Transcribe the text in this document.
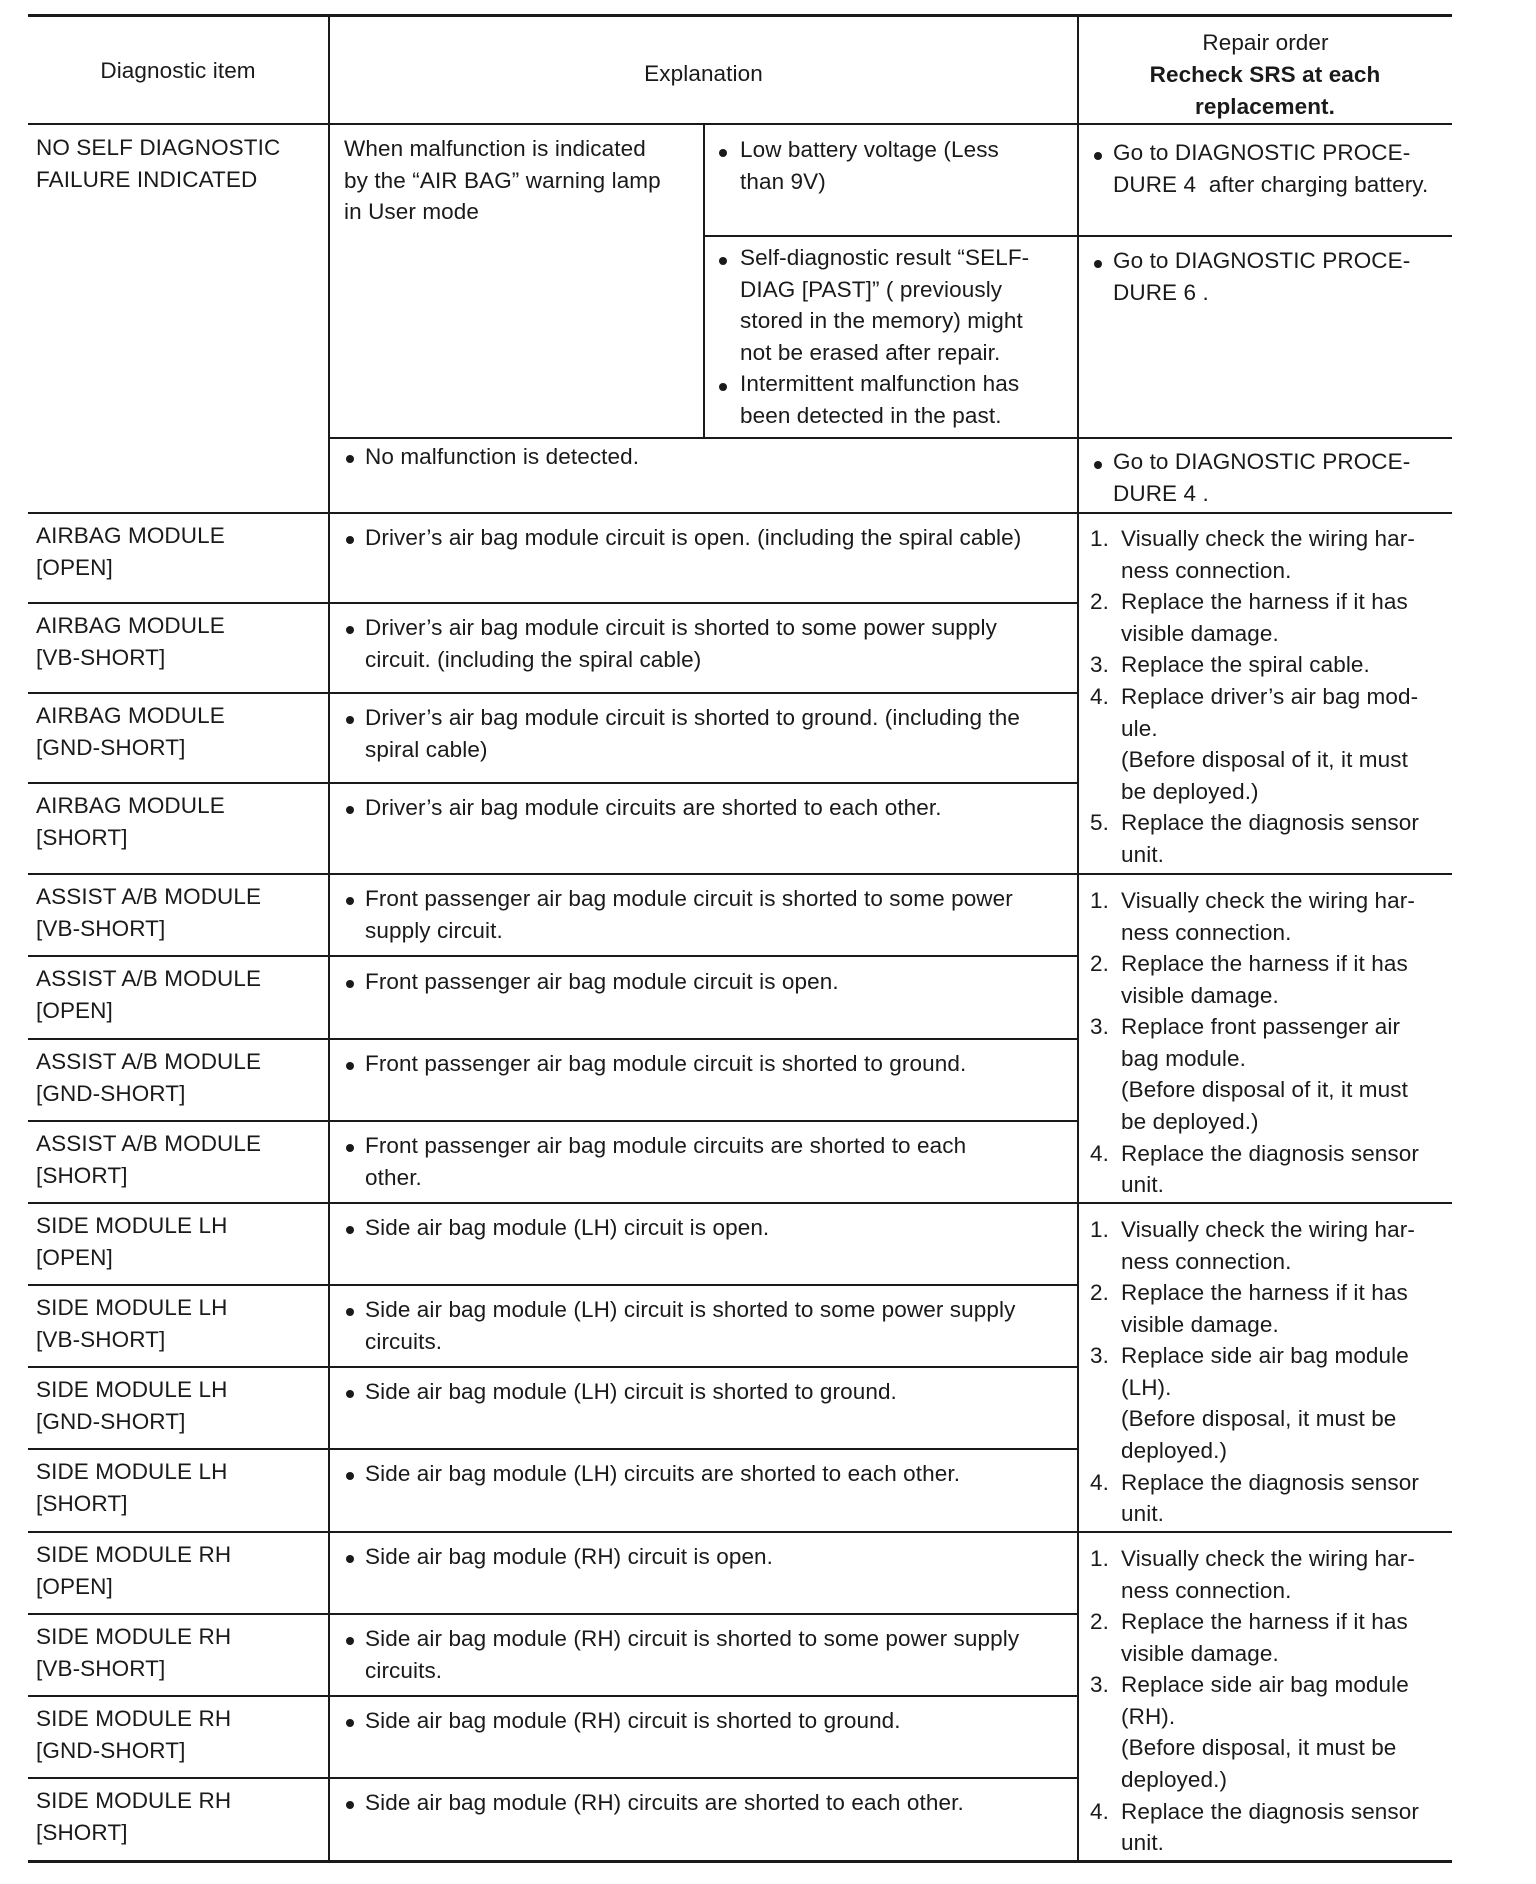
Diagnostic item	Explanation
Repair order
Recheck SRS at each replacement.
NO SELF DIAGNOSTIC
FAILURE INDICATED
AIRBAG MODULE
[OPEN]
AIRBAG MODULE
[VB-SHORT]
AIRBAG MODULE
[GND-SHORT]
AIRBAG MODULE
[SHORT]
ASSIST A/B MODULE
[VB-SHORT]
ASSIST A/B MODULE
[OPEN]
ASSIST A/B MODULE
[GND-SHORT]
ASSIST A/B MODULE
[SHORT]
SIDE MODULE LH
[OPEN]
SIDE MODULE LH
[VB-SHORT]
SIDE MODULE LH
[GND-SHORT]
SIDE MODULE LH
[SHORT]
SIDE MODULE RH
[OPEN]
SIDE MODULE RH
[VB-SHORT]
SIDE MODULE RH
[GND-SHORT]
SIDE MODULE RH
[SHORT]
When malfunction is indicated
by the “AIR BAG” warning lamp
in User mode
Low battery voltage (Less
than 9V)
Self-diagnostic result “SELF-
DIAG [PAST]” ( previously
stored in the memory) might
not be erased after repair.
Intermittent malfunction has
been detected in the past.
No malfunction is detected.
Go to DIAGNOSTIC PROCE-
DURE 4  after charging battery.
Go to DIAGNOSTIC PROCE-
DURE 6 .
Go to DIAGNOSTIC PROCE-
DURE 4 .
Driver’s air bag module circuit is open. (including the spiral cable)
Driver’s air bag module circuit is shorted to some power supply
circuit. (including the spiral cable)
Driver’s air bag module circuit is shorted to ground. (including the
spiral cable)
Driver’s air bag module circuits are shorted to each other.
Front passenger air bag module circuit is shorted to some power
supply circuit.
Front passenger air bag module circuit is open.
Front passenger air bag module circuit is shorted to ground.
Front passenger air bag module circuits are shorted to each
other.
Side air bag module (LH) circuit is open.
Side air bag module (LH) circuit is shorted to some power supply
circuits.
Side air bag module (LH) circuit is shorted to ground.
Side air bag module (LH) circuits are shorted to each other.
Side air bag module (RH) circuit is open.
Side air bag module (RH) circuit is shorted to some power supply
circuits.
Side air bag module (RH) circuit is shorted to ground.
Side air bag module (RH) circuits are shorted to each other.
1. Visually check the wiring har-
ness connection.
2. Replace the harness if it has
visible damage.
3. Replace the spiral cable.
4. Replace driver’s air bag mod-
ule.
(Before disposal of it, it must
be deployed.)
5. Replace the diagnosis sensor
unit.
1. Visually check the wiring har-
ness connection.
2. Replace the harness if it has
visible damage.
3. Replace front passenger air
bag module.
(Before disposal of it, it must
be deployed.)
4. Replace the diagnosis sensor
unit.
1. Visually check the wiring har-
ness connection.
2. Replace the harness if it has
visible damage.
3. Replace side air bag module
(LH).
(Before disposal, it must be
deployed.)
4. Replace the diagnosis sensor
unit.
1. Visually check the wiring har-
ness connection.
2. Replace the harness if it has
visible damage.
3. Replace side air bag module
(RH).
(Before disposal, it must be
deployed.)
4. Replace the diagnosis sensor
unit.
